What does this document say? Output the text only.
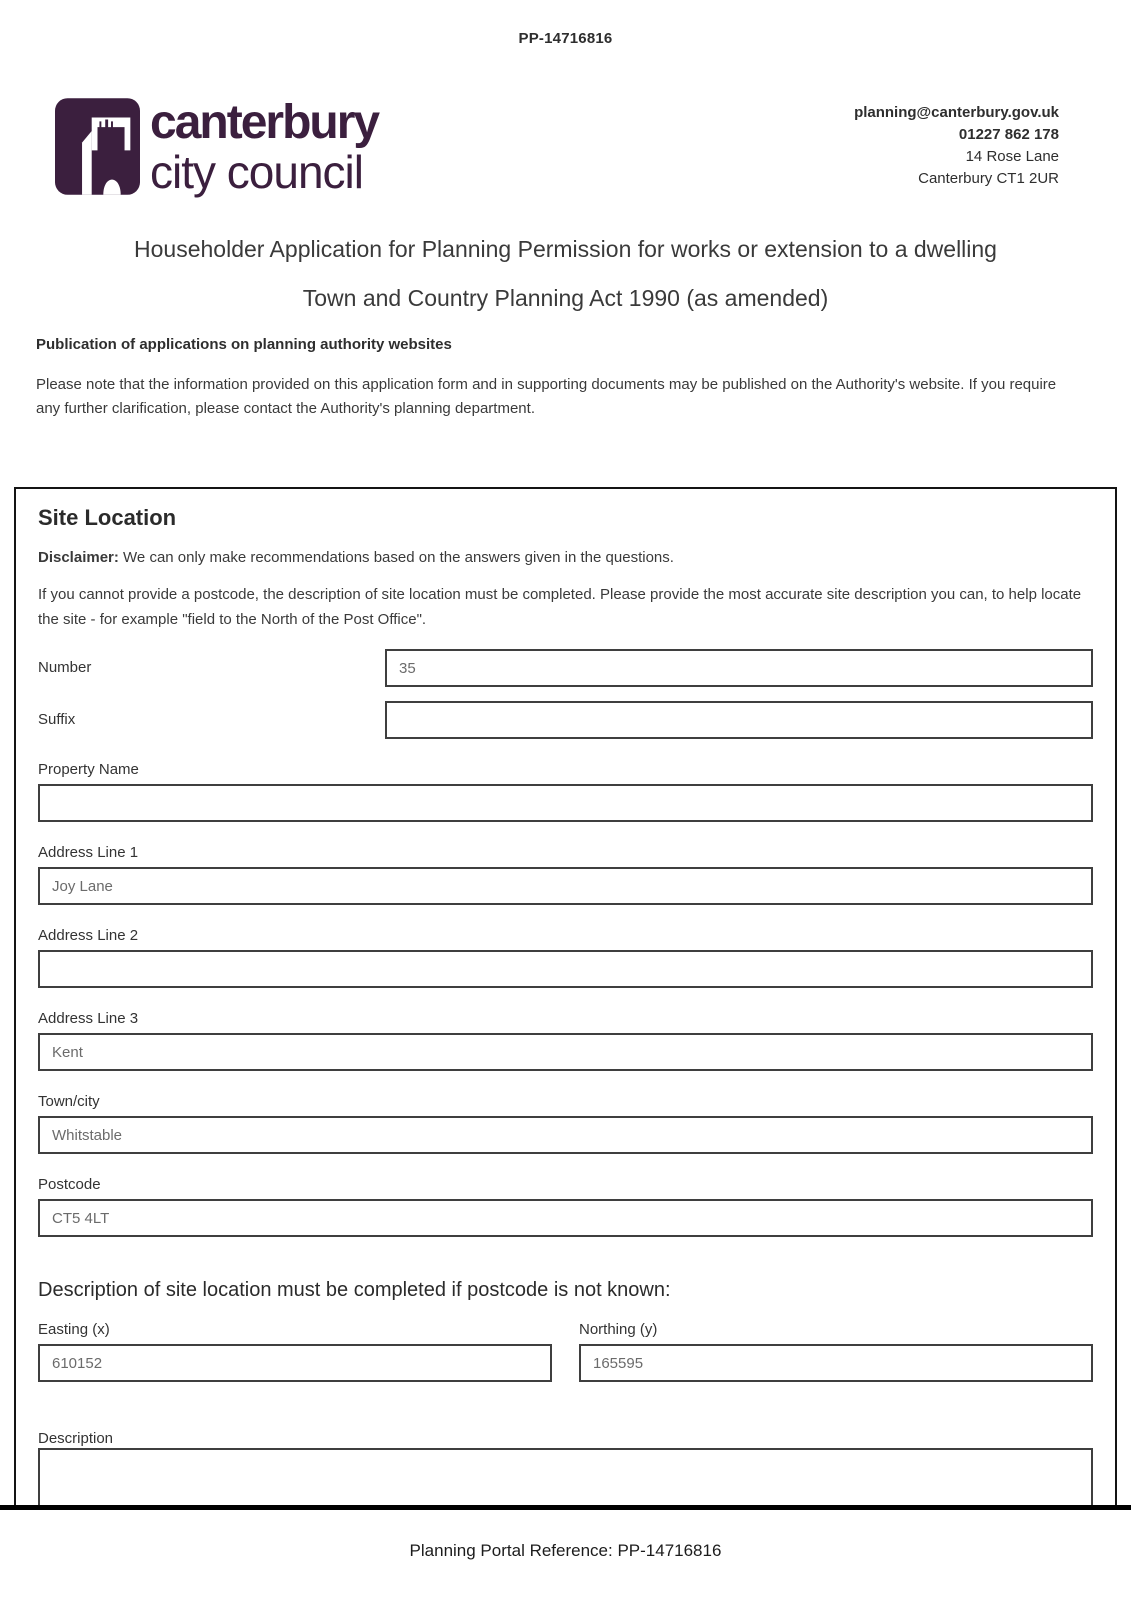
PP-14716816
canterbury
city council
planning@canterbury.gov.uk
01227 862 178
14 Rose Lane
Canterbury CT1 2UR
Householder Application for Planning Permission for works or extension to a dwelling
Town and Country Planning Act 1990 (as amended)
Publication of applications on planning authority websites

Please note that the information provided on this application form and in supporting documents may be published on the Authority's website. If you require any further clarification, please contact the Authority's planning department.

Site Location

Disclaimer: We can only make recommendations based on the answers given in the questions.

If you cannot provide a postcode, the description of site location must be completed. Please provide the most accurate site description you can, to help locate the site - for example "field to the North of the Post Office".

Number
35
Suffix
Property Name
Address Line 1
Joy Lane
Address Line 2
Address Line 3
Kent
Town/city
Whitstable
Postcode
CT5 4LT
Description of site location must be completed if postcode is not known:
Easting (x)
610152	Northing (y)
165595
Description
Planning Portal Reference: PP-14716816
